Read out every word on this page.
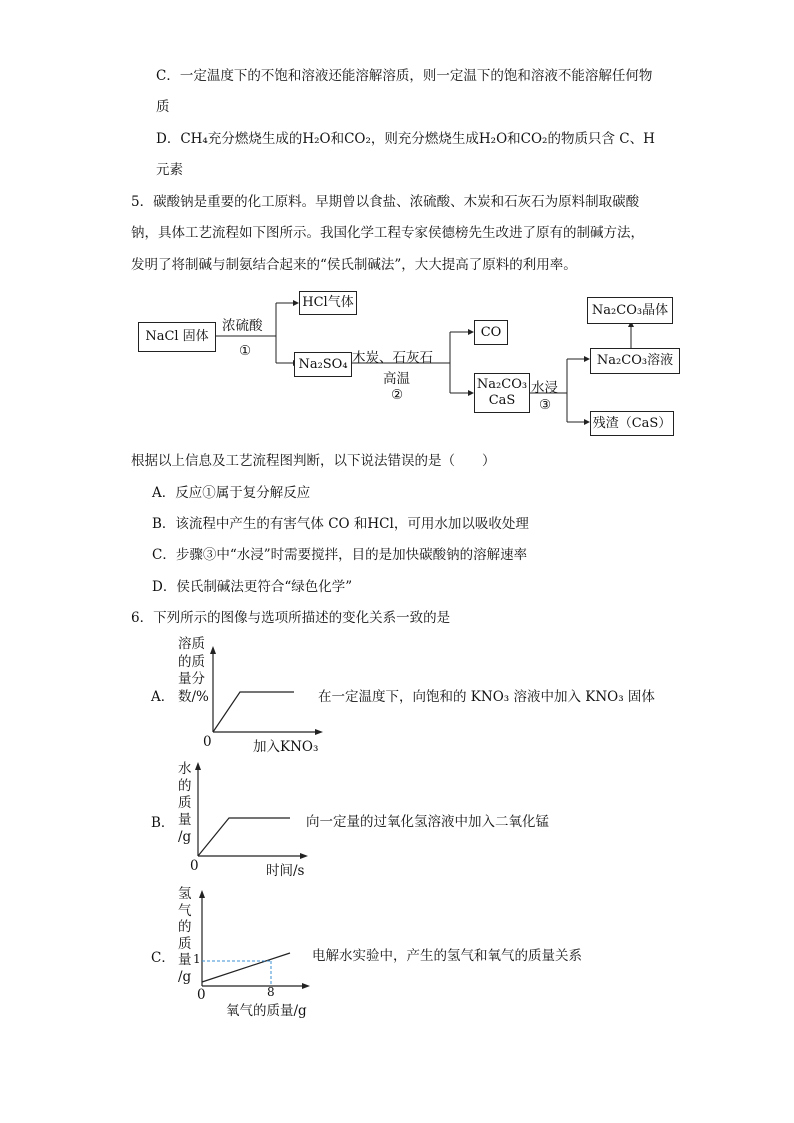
C．一定温度下的不饱和溶液还能溶解溶质，则一定温下的饱和溶液不能溶解任何物
质
D．CH₄充分燃烧生成的H₂O和CO₂，则充分燃烧生成H₂O和CO₂的物质只含 C、H
元素
5．碳酸钠是重要的化工原料。早期曾以食盐、浓硫酸、木炭和石灰石为原料制取碳酸
钠，具体工艺流程如下图所示。我国化学工程专家侯德榜先生改进了原有的制碱方法，
发明了将制碱与制氨结合起来的“侯氏制碱法”，大大提高了原料的利用率。
NaCl 固体
浓硫酸
①
HCl气体
Na₂SO₄ 木炭、石灰石
高温
②
CO
Na₂CO₃
CaS
水浸
③
Na₂CO₃晶体
Na₂CO₃溶液
残渣（CaS）
根据以上信息及工艺流程图判断，以下说法错误的是（　　）
A．反应①属于复分解反应
B．该流程中产生的有害气体 CO 和HCl，可用水加以吸收处理
C．步骤③中“水浸”时需要搅拌，目的是加快碳酸钠的溶解速率
D．侯氏制碱法更符合“绿色化学”
6．下列所示的图像与选项所描述的变化关系一致的是
A．
溶质
的质
量分
数/%
0	加入KNO₃
在一定温度下，向饱和的 KNO₃ 溶液中加入 KNO₃ 固体
B．
水
的
质
量
/g
0	时间/s
向一定量的过氧化氢溶液中加入二氧化锰
C．
氢
气
的
质
量
/g
1
0	8
氧气的质量/g
电解水实验中，产生的氢气和氧气的质量关系
